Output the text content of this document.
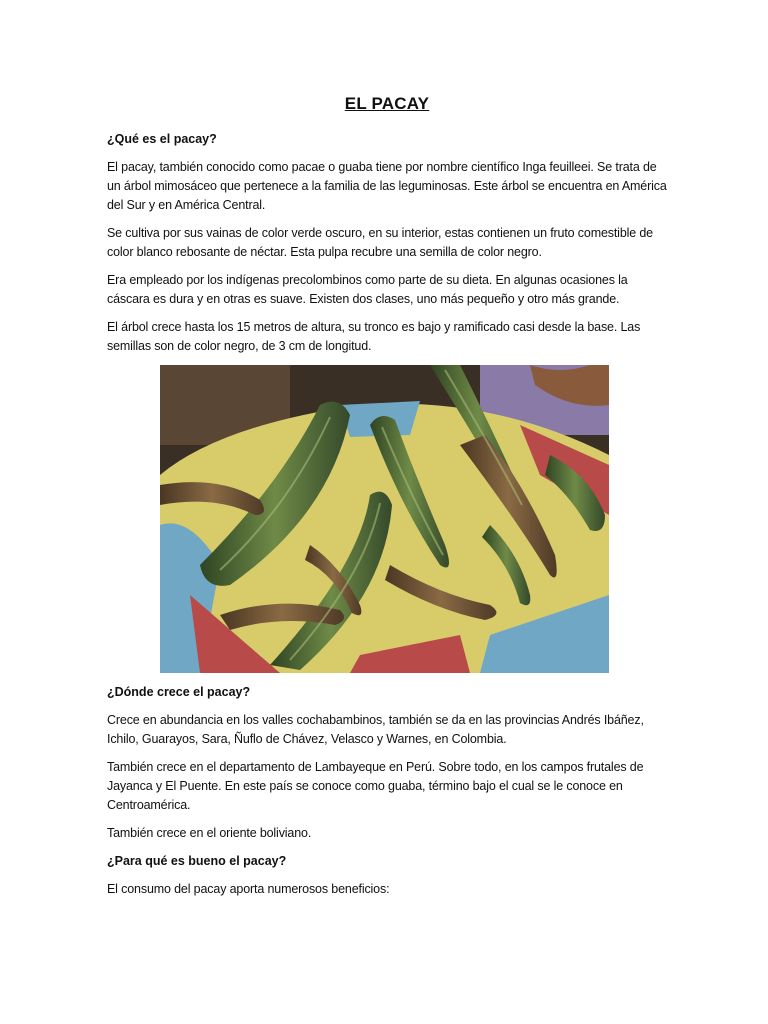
EL PACAY
¿Qué es el pacay?

El pacay, también conocido como pacae o guaba tiene por nombre científico Inga feuilleei. Se trata de un árbol mimosáceo que pertenece a la familia de las leguminosas. Este árbol se encuentra en América del Sur y en América Central.

Se cultiva por sus vainas de color verde oscuro, en su interior, estas contienen un fruto comestible de color blanco rebosante de néctar. Esta pulpa recubre una semilla de color negro.

Era empleado por los indígenas precolombinos como parte de su dieta. En algunas ocasiones la cáscara es dura y en otras es suave. Existen dos clases, uno más pequeño y otro más grande.

El árbol crece hasta los 15 metros de altura, su tronco es bajo y ramificado casi desde la base. Las semillas son de color negro, de 3 cm de longitud.

¿Dónde crece el pacay?

Crece en abundancia en los valles cochabambinos, también se da en las provincias Andrés Ibáñez, Ichilo, Guarayos, Sara, Ñuflo de Chávez, Velasco y Warnes, en Colombia.

También crece en el departamento de Lambayeque en Perú. Sobre todo, en los campos frutales de Jayanca y El Puente. En este país se conoce como guaba, término bajo el cual se le conoce en Centroamérica.

También crece en el oriente boliviano.

¿Para qué es bueno el pacay?

El consumo del pacay aporta numerosos beneficios:
